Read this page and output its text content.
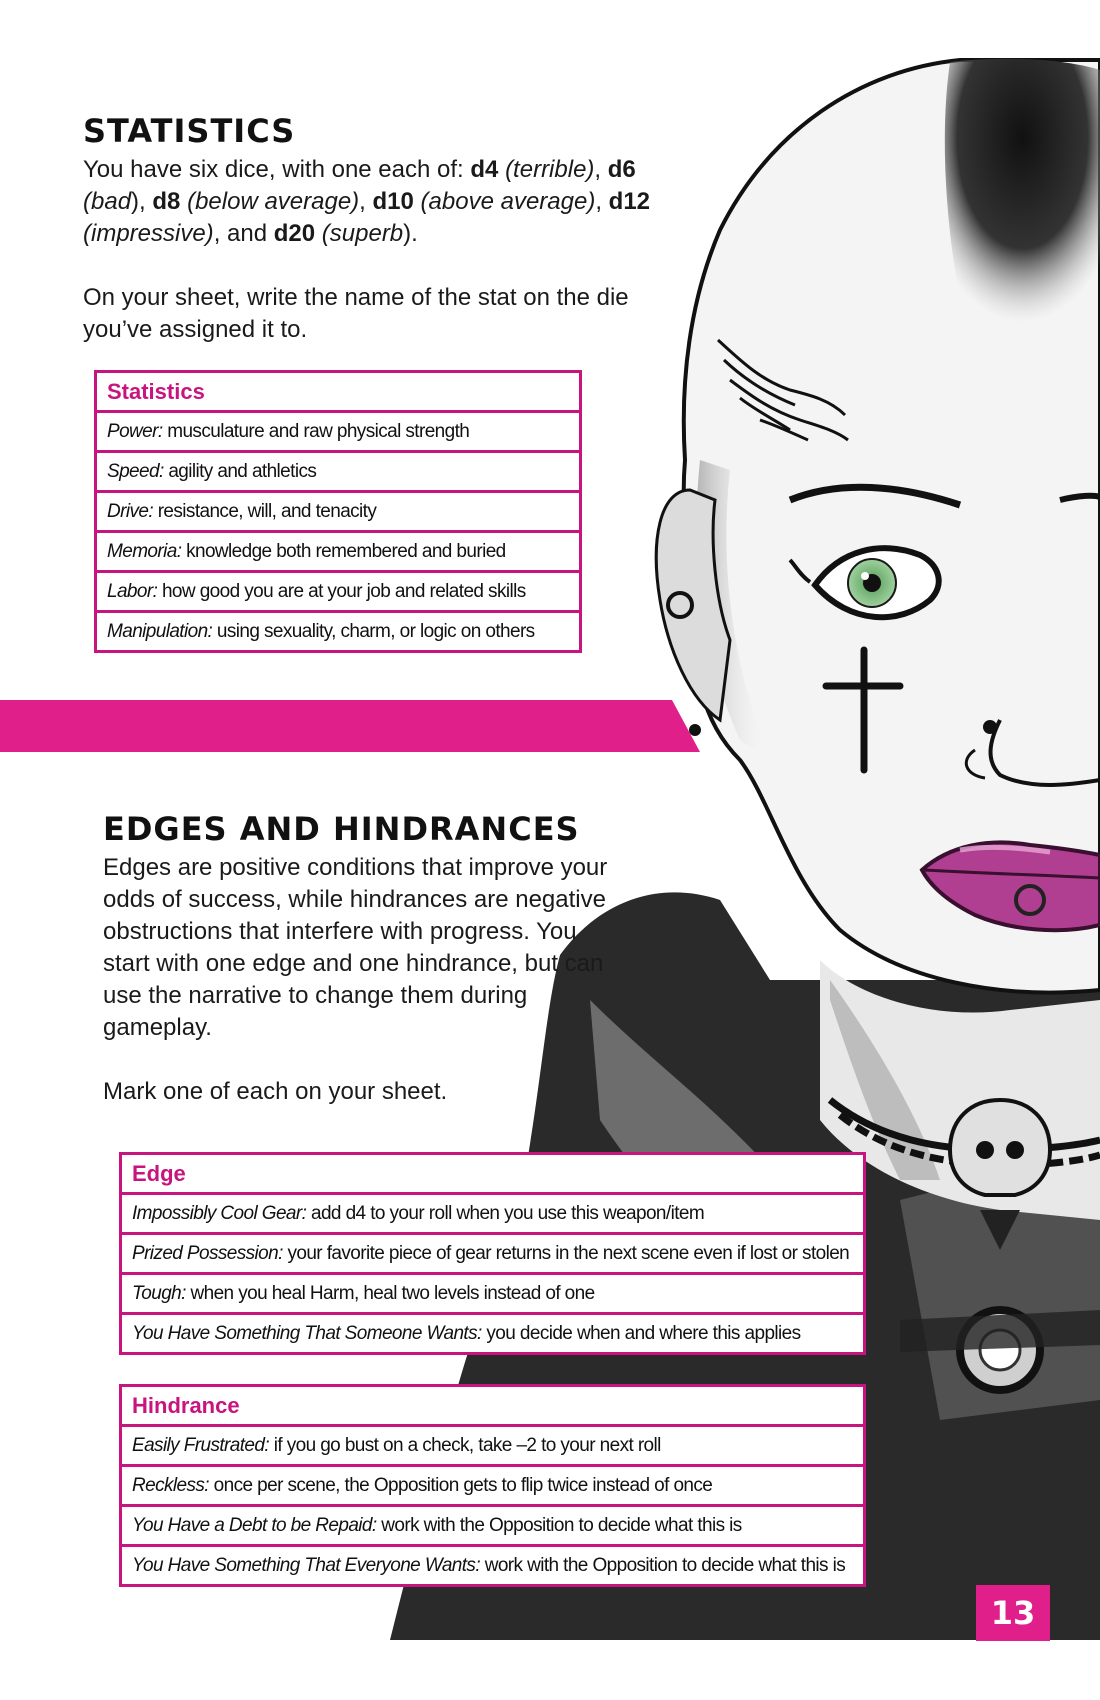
STATISTICS

You have six dice, with one each of: d4 (terrible), d6 (bad), d8 (below average), d10 (above average), d12 (impressive), and d20 (superb).

On your sheet, write the name of the stat on the die you’ve assigned it to.

Statistics
Power: musculature and raw physical strength
Speed: agility and athletics
Drive: resistance, will, and tenacity
Memoria: knowledge both remembered and buried
Labor: how good you are at your job and related skills
Manipulation: using sexuality, charm, or logic on others
EDGES AND HINDRANCES

Edges are positive conditions that improve your odds of success, while hindrances are negative obstructions that interfere with progress. You start with one edge and one hindrance, but can use the narrative to change them during gameplay.

Mark one of each on your sheet.

Edge
Impossibly Cool Gear: add d4 to your roll when you use this weapon/item
Prized Possession: your favorite piece of gear returns in the next scene even if lost or stolen
Tough: when you heal Harm, heal two levels instead of one
You Have Something That Someone Wants: you decide when and where this applies
Hindrance
Easily Frustrated: if you go bust on a check, take –2 to your next roll
Reckless: once per scene, the Opposition gets to flip twice instead of once
You Have a Debt to be Repaid: work with the Opposition to decide what this is
You Have Something That Everyone Wants: work with the Opposition to decide what this is
13
